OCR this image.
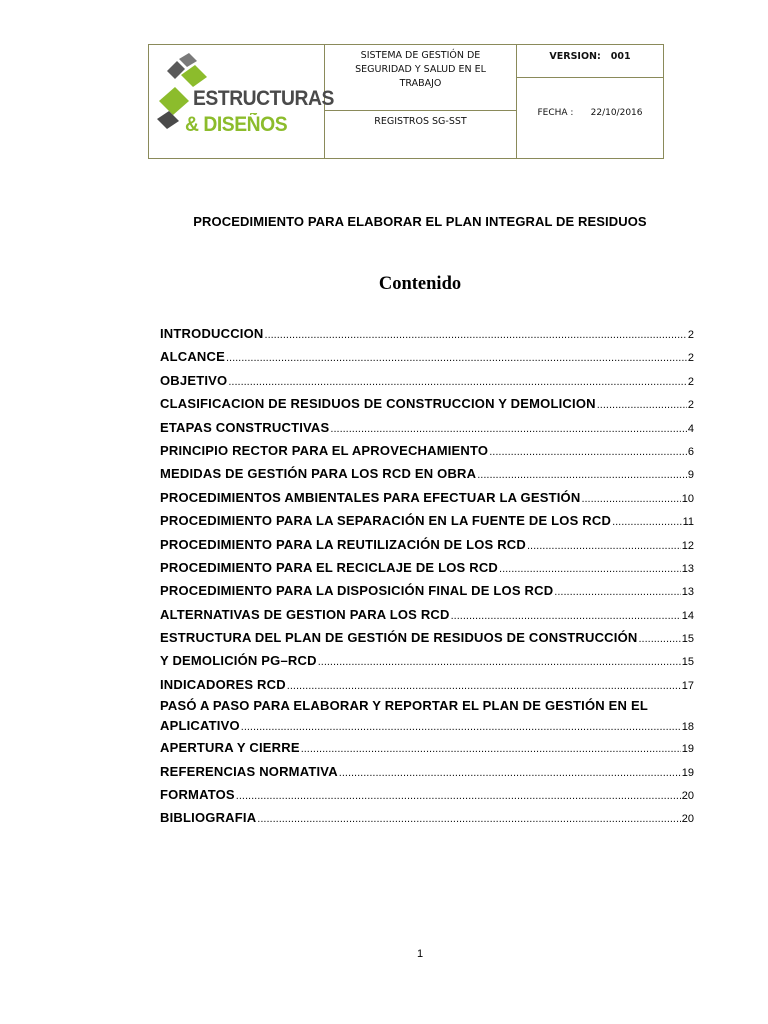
ESTRUCTURAS
& DISEÑOS
SISTEMA DE GESTIÓN DE
SEGURIDAD Y SALUD EN EL
TRABAJO
REGISTROS SG-SST
VERSION: 001
FECHA : 22/10/2016
PROCEDIMIENTO PARA ELABORAR EL PLAN INTEGRAL DE RESIDUOS
Contenido
INTRODUCCION .....	2
ALCANCE .....	2
OBJETIVO .....	2
CLASIFICACION DE RESIDUOS DE CONSTRUCCION Y DEMOLICION .....	2
ETAPAS CONSTRUCTIVAS .....	4
PRINCIPIO RECTOR PARA EL APROVECHAMIENTO .....	6
MEDIDAS DE GESTIÓN PARA LOS RCD EN OBRA .....	9
PROCEDIMIENTOS AMBIENTALES PARA EFECTUAR LA GESTIÓN .....	10
PROCEDIMIENTO PARA LA SEPARACIÓN EN LA FUENTE DE LOS RCD .....	11
PROCEDIMIENTO PARA LA REUTILIZACIÓN DE LOS RCD .....	12
PROCEDIMIENTO PARA EL RECICLAJE DE LOS RCD .....	13
PROCEDIMIENTO PARA LA DISPOSICIÓN FINAL DE LOS RCD .....	13
ALTERNATIVAS DE GESTION PARA LOS RCD .....	14
ESTRUCTURA DEL PLAN DE GESTIÓN DE RESIDUOS DE CONSTRUCCIÓN .....	15
Y DEMOLICIÓN PG–RCD .....	15
INDICADORES RCD .....	17
PASÓ A PASO PARA ELABORAR Y REPORTAR EL PLAN DE GESTIÓN EN EL
APLICATIVO .....	18
APERTURA Y CIERRE .....	19
REFERENCIAS NORMATIVA .....	19
FORMATOS .....	20
BIBLIOGRAFIA .....	20
1
